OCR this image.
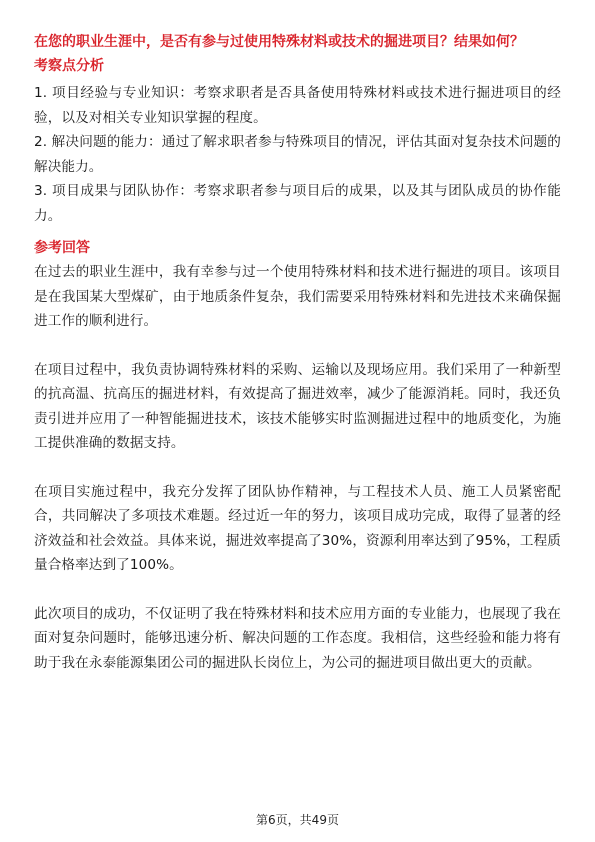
在您的职业生涯中，是否有参与过使用特殊材料或技术的掘进项目？结果如何？

考察点分析

1. 项目经验与专业知识：考察求职者是否具备使用特殊材料或技术进行掘进项目的经验，以及对相关专业知识掌握的程度。

2. 解决问题的能力：通过了解求职者参与特殊项目的情况，评估其面对复杂技术问题的解决能力。

3. 项目成果与团队协作：考察求职者参与项目后的成果，以及其与团队成员的协作能力。

参考回答

在过去的职业生涯中，我有幸参与过一个使用特殊材料和技术进行掘进的项目。该项目是在我国某大型煤矿，由于地质条件复杂，我们需要采用特殊材料和先进技术来确保掘进工作的顺利进行。

在项目过程中，我负责协调特殊材料的采购、运输以及现场应用。我们采用了一种新型的抗高温、抗高压的掘进材料，有效提高了掘进效率，减少了能源消耗。同时，我还负责引进并应用了一种智能掘进技术，该技术能够实时监测掘进过程中的地质变化，为施工提供准确的数据支持。

在项目实施过程中，我充分发挥了团队协作精神，与工程技术人员、施工人员紧密配合，共同解决了多项技术难题。经过近一年的努力，该项目成功完成，取得了显著的经济效益和社会效益。具体来说，掘进效率提高了30%，资源利用率达到了95%，工程质量合格率达到了100%。

此次项目的成功，不仅证明了我在特殊材料和技术应用方面的专业能力，也展现了我在面对复杂问题时，能够迅速分析、解决问题的工作态度。我相信，这些经验和能力将有助于我在永泰能源集团公司的掘进队长岗位上，为公司的掘进项目做出更大的贡献。

第6页，共49页
